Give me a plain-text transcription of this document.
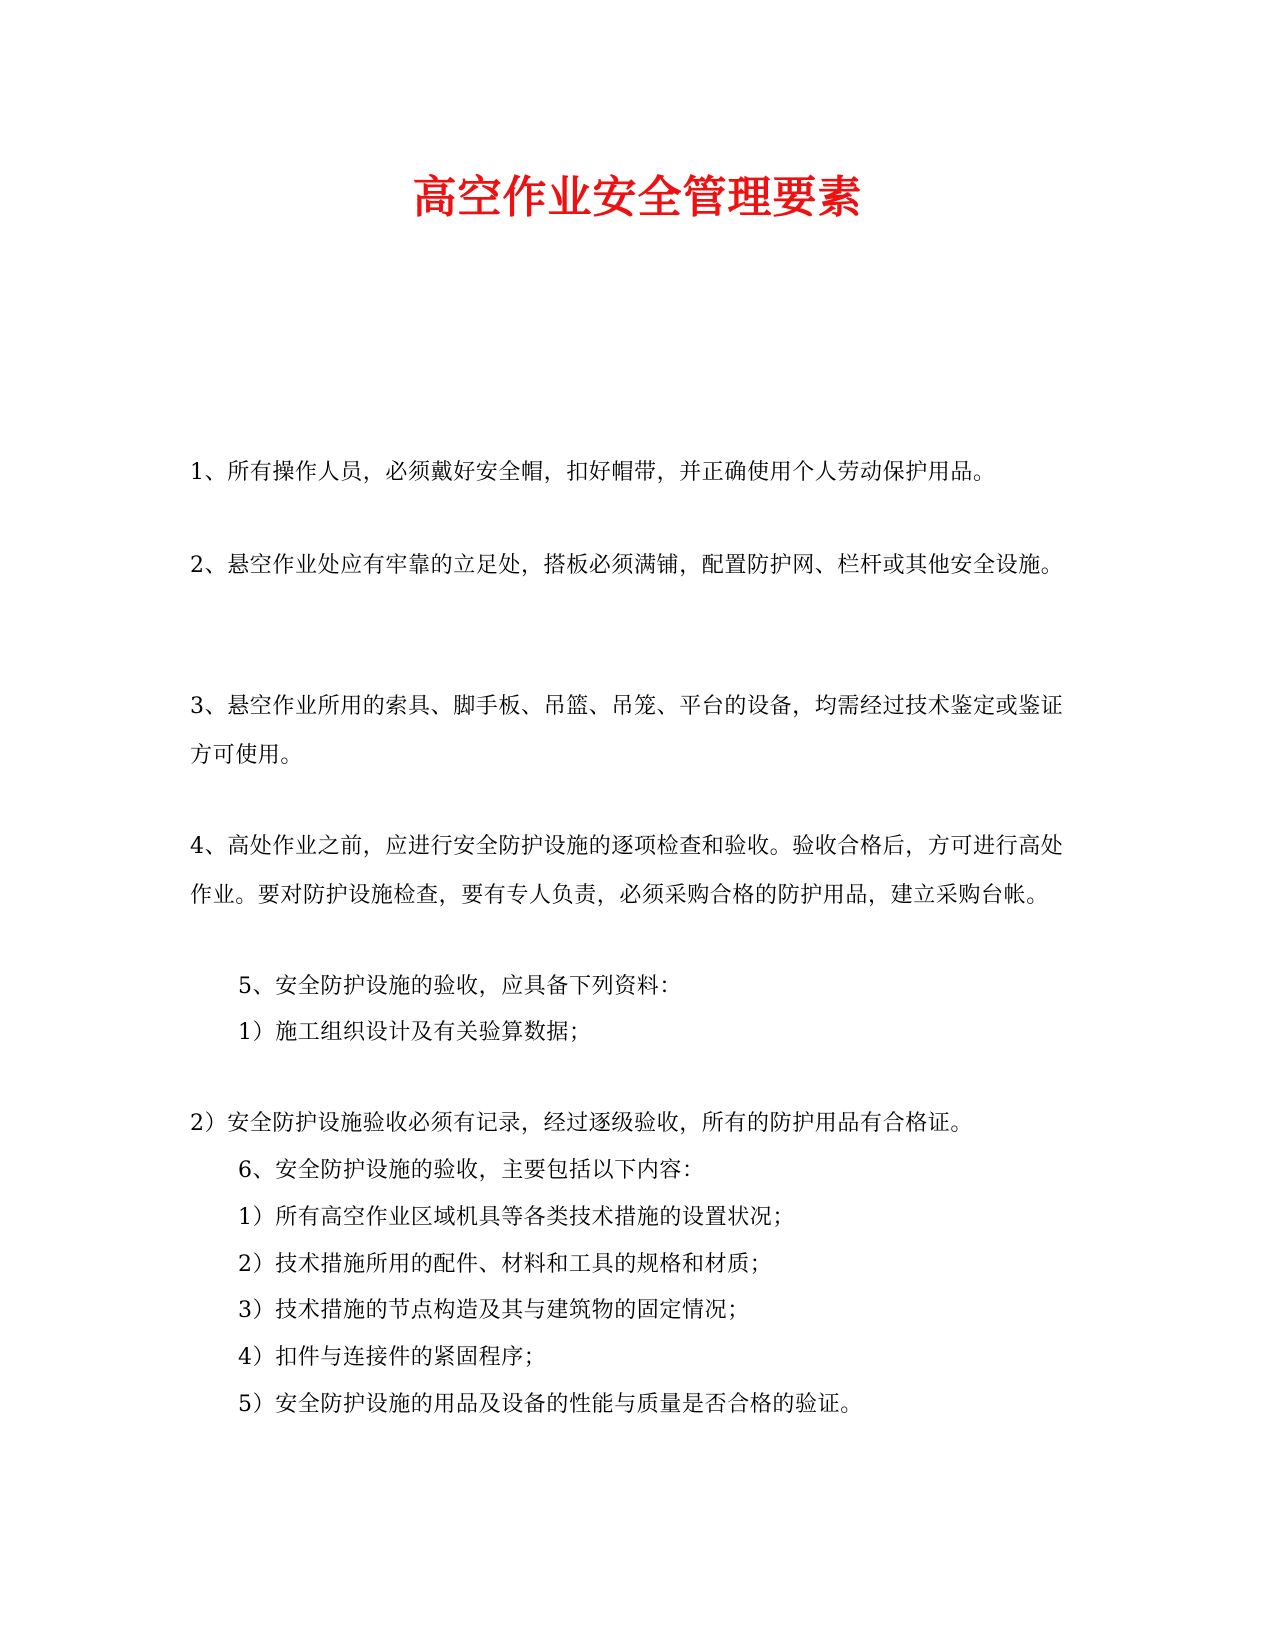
高空作业安全管理要素

1、所有操作人员，必须戴好安全帽，扣好帽带，并正确使用个人劳动保护用品。

2、悬空作业处应有牢靠的立足处，搭板必须满铺，配置防护网、栏杆或其他安全设施。

3、悬空作业所用的索具、脚手板、吊篮、吊笼、平台的设备，均需经过技术鉴定或鉴证方可使用。

4、高处作业之前，应进行安全防护设施的逐项检查和验收。验收合格后，方可进行高处作业。要对防护设施检查，要有专人负责，必须采购合格的防护用品，建立采购台帐。

5、安全防护设施的验收，应具备下列资料：

1）施工组织设计及有关验算数据；

2）安全防护设施验收必须有记录，经过逐级验收，所有的防护用品有合格证。

6、安全防护设施的验收，主要包括以下内容：

1）所有高空作业区域机具等各类技术措施的设置状况；

2）技术措施所用的配件、材料和工具的规格和材质；

3）技术措施的节点构造及其与建筑物的固定情况；

4）扣件与连接件的紧固程序；

5）安全防护设施的用品及设备的性能与质量是否合格的验证。
